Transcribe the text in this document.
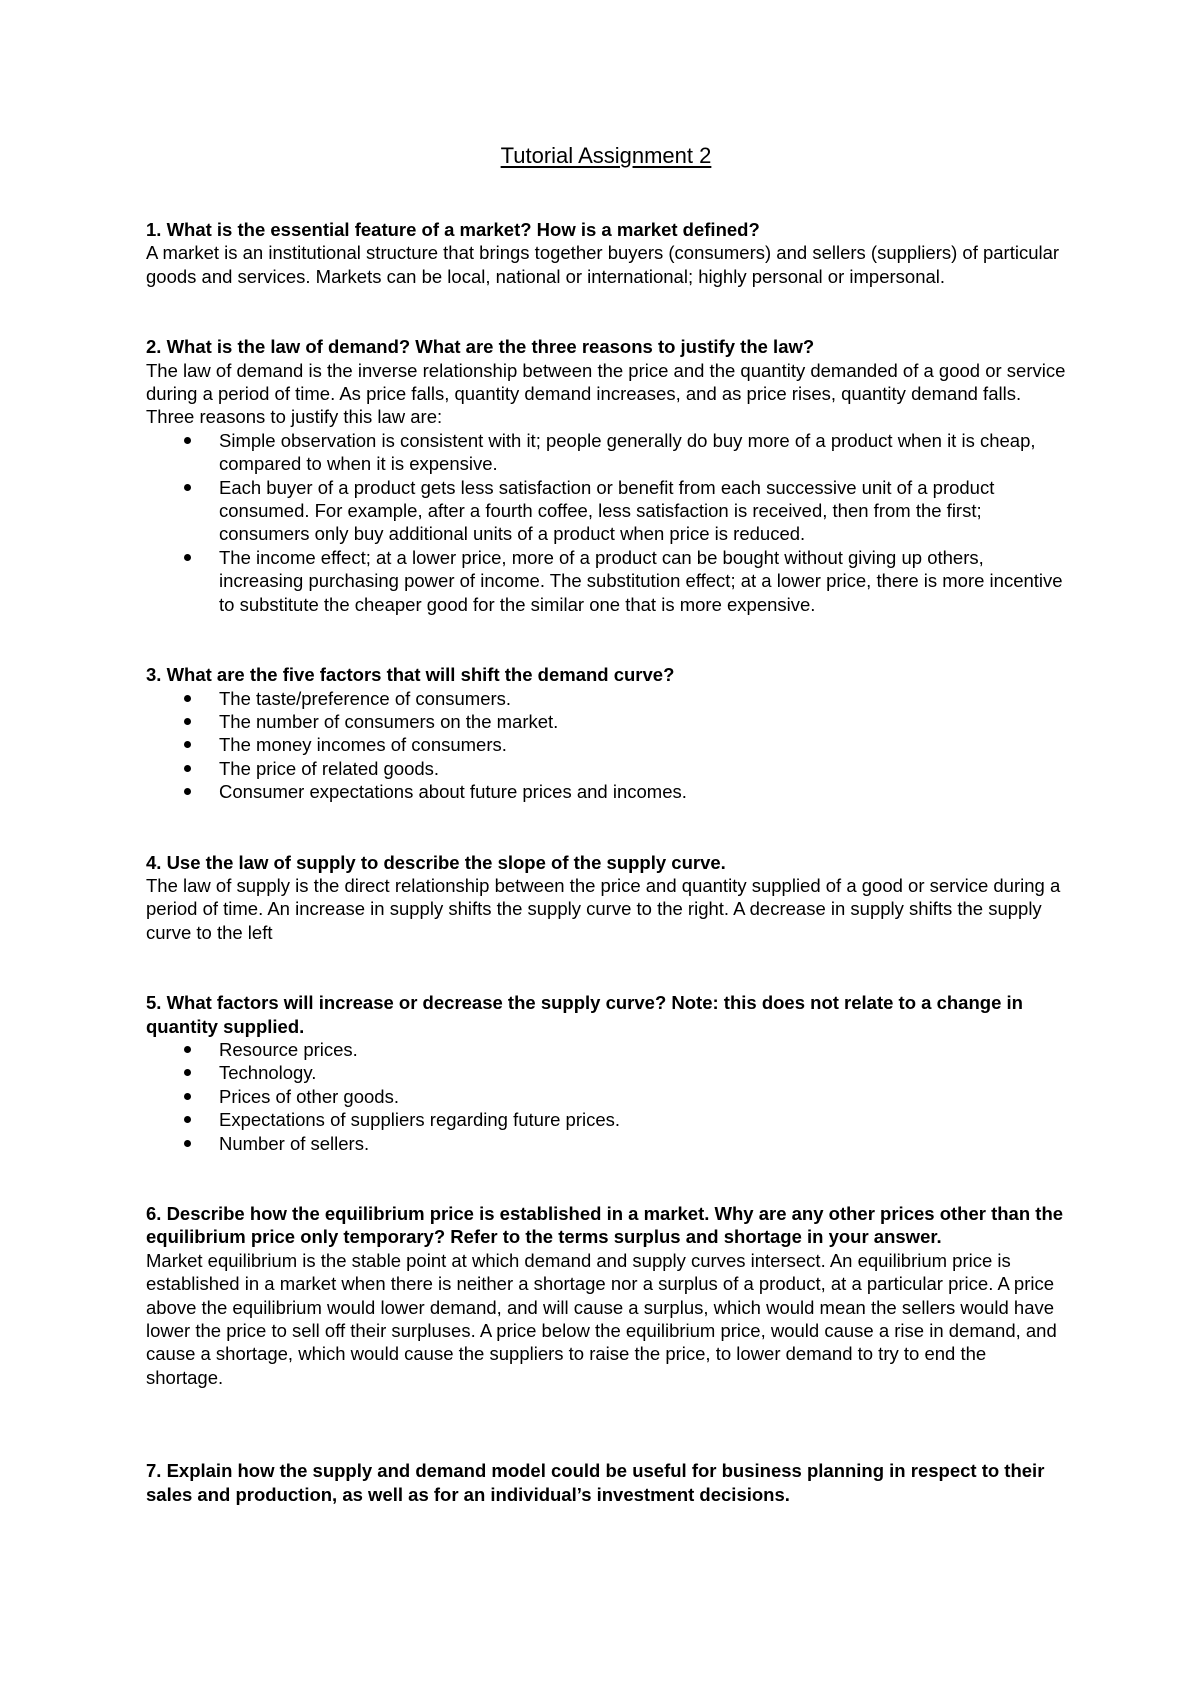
Tutorial Assignment 2

1. What is the essential feature of a market? How is a market defined?

A market is an institutional structure that brings together buyers (consumers) and sellers (suppliers) of particular goods and services. Markets can be local, national or international; highly personal or impersonal.

2. What is the law of demand? What are the three reasons to justify the law?

The law of demand is the inverse relationship between the price and the quantity demanded of a good or service during a period of time. As price falls, quantity demand increases, and as price rises, quantity demand falls. Three reasons to justify this law are:

Simple observation is consistent with it; people generally do buy more of a product when it is cheap, compared to when it is expensive.
Each buyer of a product gets less satisfaction or benefit from each successive unit of a product consumed. For example, after a fourth coffee, less satisfaction is received, then from the first; consumers only buy additional units of a product when price is reduced.
The income effect; at a lower price, more of a product can be bought without giving up others, increasing purchasing power of income. The substitution effect; at a lower price, there is more incentive to substitute the cheaper good for the similar one that is more expensive.

3. What are the five factors that will shift the demand curve?

The taste/preference of consumers.
The number of consumers on the market.
The money incomes of consumers.
The price of related goods.
Consumer expectations about future prices and incomes.

4. Use the law of supply to describe the slope of the supply curve.

The law of supply is the direct relationship between the price and quantity supplied of a good or service during a period of time. An increase in supply shifts the supply curve to the right. A decrease in supply shifts the supply curve to the left

5. What factors will increase or decrease the supply curve? Note: this does not relate to a change in quantity supplied.

Resource prices.
Technology.
Prices of other goods.
Expectations of suppliers regarding future prices.
Number of sellers.

6. Describe how the equilibrium price is established in a market. Why are any other prices other than the equilibrium price only temporary? Refer to the terms surplus and shortage in your answer.

Market equilibrium is the stable point at which demand and supply curves intersect. An equilibrium price is established in a market when there is neither a shortage nor a surplus of a product, at a particular price. A price above the equilibrium would lower demand, and will cause a surplus, which would mean the sellers would have lower the price to sell off their surpluses. A price below the equilibrium price, would cause a rise in demand, and cause a shortage, which would cause the suppliers to raise the price, to lower demand to try to end the shortage.

7. Explain how the supply and demand model could be useful for business planning in respect to their sales and production, as well as for an individual’s investment decisions.
